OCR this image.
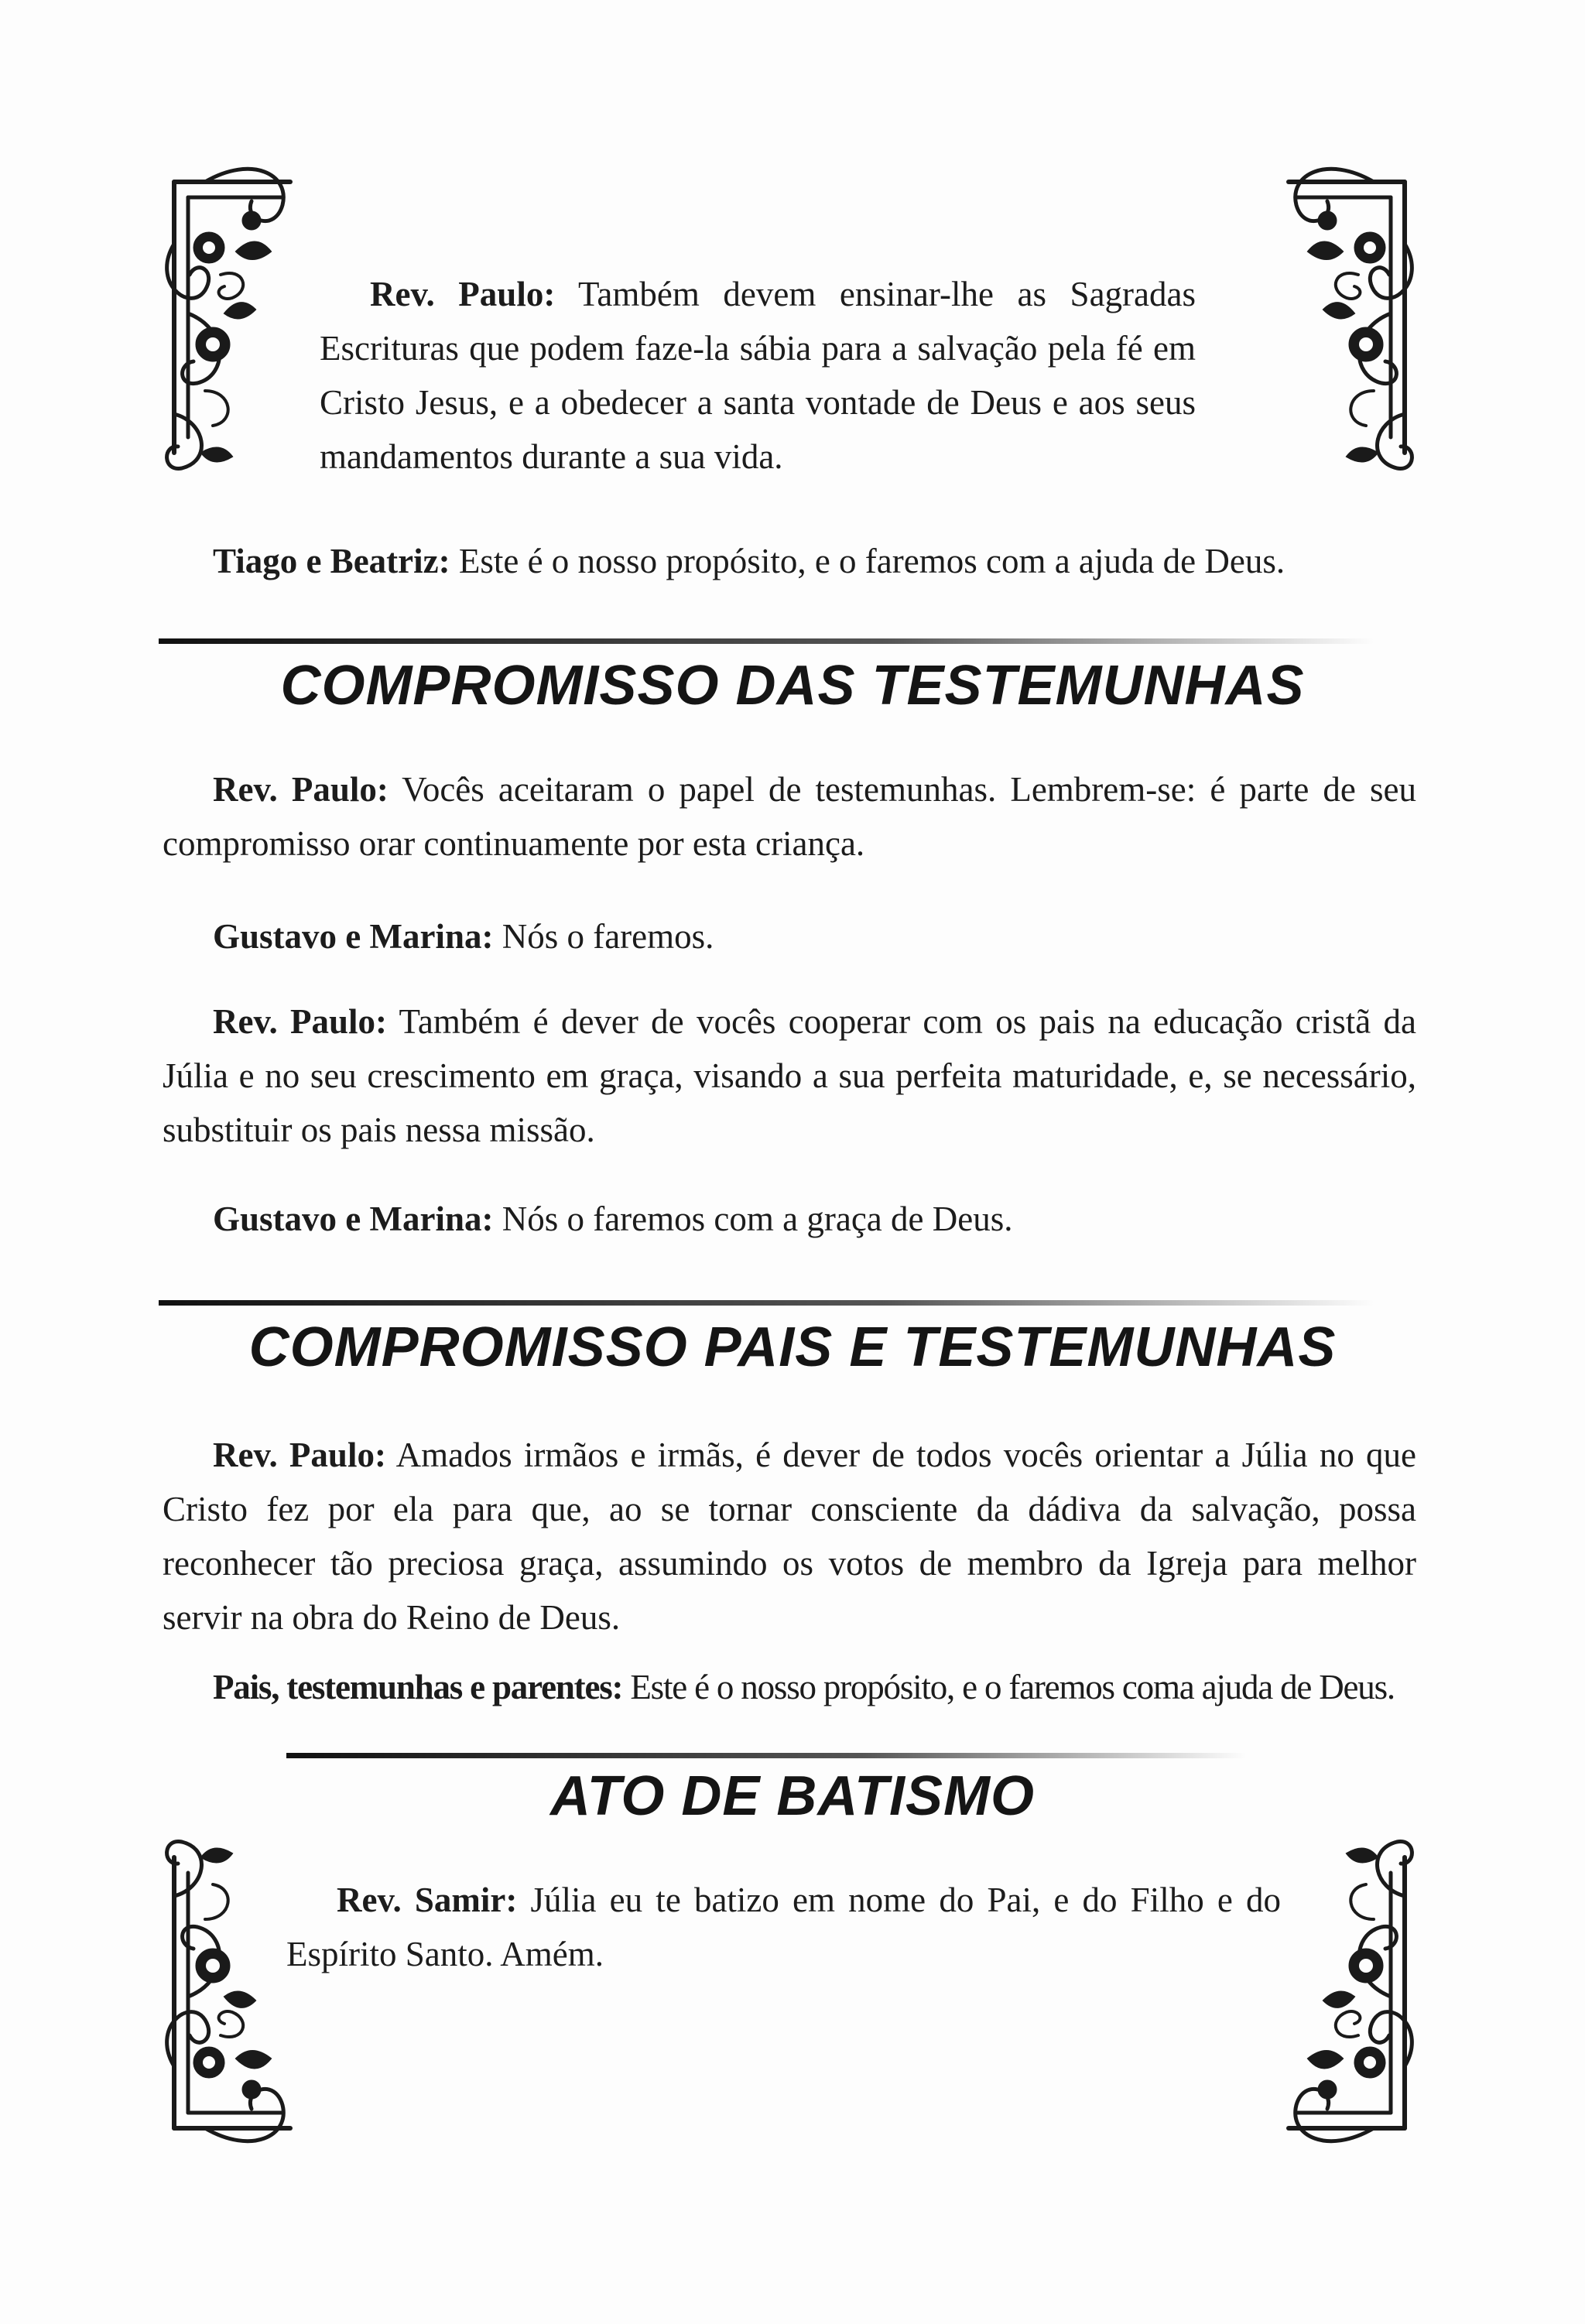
Rev. Paulo: Também devem ensinar-lhe as Sagradas Escrituras que podem faze-la sábia para a salvação pela fé em Cristo Jesus, e a obedecer a santa vontade de Deus e aos seus mandamentos durante a sua vida.
Tiago e Beatriz: Este é o nosso propósito, e o faremos com a ajuda de Deus.
COMPROMISSO DAS TESTEMUNHAS
Rev. Paulo: Vocês aceitaram o papel de testemunhas. Lembrem-se: é parte de seu compromisso orar continuamente por esta criança.
Gustavo e Marina: Nós o faremos.
Rev. Paulo: Também é dever de vocês cooperar com os pais na educação cristã da Júlia e no seu crescimento em graça, visando a sua perfeita maturidade, e, se necessário, substituir os pais nessa missão.
Gustavo e Marina: Nós o faremos com a graça de Deus.
COMPROMISSO PAIS E TESTEMUNHAS
Rev. Paulo: Amados irmãos e irmãs, é dever de todos vocês orientar a Júlia no que Cristo fez por ela para que, ao se tornar consciente da dádiva da salvação, possa reconhecer tão preciosa graça, assumindo os votos de membro da Igreja para melhor servir na obra do Reino de Deus.
Pais, testemunhas e parentes: Este é o nosso propósito, e o faremos coma ajuda de Deus.
ATO DE BATISMO
Rev. Samir: Júlia eu te batizo em nome do Pai, e do Filho e do Espírito Santo. Amém.
